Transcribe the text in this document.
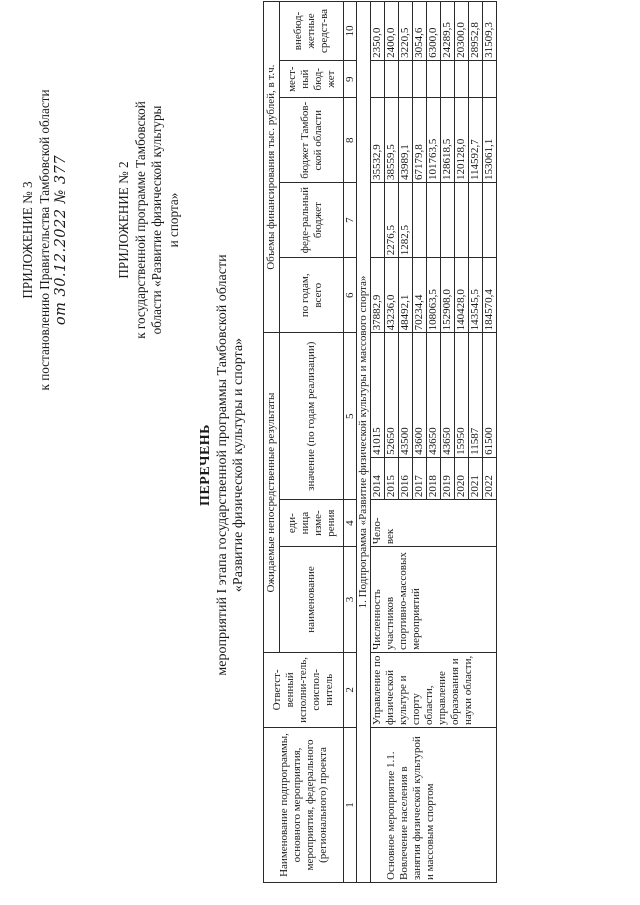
ПРИЛОЖЕНИЕ № 3 к постановлению Правительства Тамбовской области от 30.12.2022 № 377	ПРИЛОЖЕНИЕ № 2 к государственной программе Тамбовской области «Развитие физической культуры и спорта»
ПЕРЕЧЕНЬ мероприятий I этапа государственной программы Тамбовской области «Развитие физической культуры и спорта»
Наименование подпрограммы, основного мероприятия, мероприятия, федерального (регионального) проекта	Ответст-венный исполни-тель, соиспол-нитель	Ожидаемые непосредственные результаты				Объемы финансирования тыс. рублей, в т.ч.				
		наименование	еди-ница изме-рения	значение (по годам реализации)		по годам, всего	феде-ральный бюджет	бюджет Тамбов-ской области	мест-ный бюд-жет	внебюд-жетные средст-ва
1	2	3	4	5		6	7	8	9	10
1. Подпрограмма «Развитие физической культуры и массового спорта»										
Основное мероприятие 1.1. Вовлечение населения в занятия физической культурой и массовым спортом	Управление по физической культуре и спорту области, управление образования и науки области,	Численность участников спортивно-массовых мероприятий	Чело-век	2014	41015	37882,9		35532,9		2350,0
				2015	52650	43236,0	2276,5	38559,5		2400,0
				2016	43500	48492,1	1282,5	43989,1		3220,5
				2017	43600	70234,4		67179,8		3054,6
				2018	43650	108063,5		101763,5		6300,0
				2019	43650	152908,0		128618,5		24289,5
				2020	15950	140428,0		120128,0		20300,0
				2021	11587	143545,5		114592,7		28952,8
				2022	61500	184570,4		153061,1		31509,3
